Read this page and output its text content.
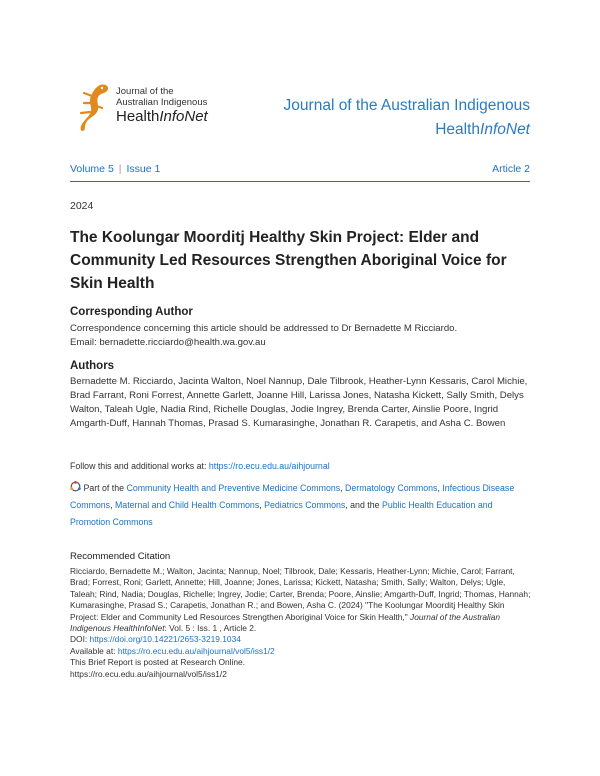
Journal of the
Australian Indigenous
HealthInfoNet
Journal of the Australian Indigenous
HealthInfoNet
Volume 5 | Issue 1	Article 2
2024
The Koolungar Moorditj Healthy Skin Project: Elder and Community Led Resources Strengthen Aboriginal Voice for Skin Health
Corresponding Author
Correspondence concerning this article should be addressed to Dr Bernadette M Ricciardo.
Email: bernadette.ricciardo@health.wa.gov.au
Authors
Bernadette M. Ricciardo, Jacinta Walton, Noel Nannup, Dale Tilbrook, Heather-Lynn Kessaris, Carol Michie, Brad Farrant, Roni Forrest, Annette Garlett, Joanne Hill, Larissa Jones, Natasha Kickett, Sally Smith, Delys Walton, Taleah Ugle, Nadia Rind, Richelle Douglas, Jodie Ingrey, Brenda Carter, Ainslie Poore, Ingrid Amgarth-Duff, Hannah Thomas, Prasad S. Kumarasinghe, Jonathan R. Carapetis, and Asha C. Bowen
Follow this and additional works at: https://ro.ecu.edu.au/aihjournal
Part of the Community Health and Preventive Medicine Commons, Dermatology Commons, Infectious Disease Commons, Maternal and Child Health Commons, Pediatrics Commons, and the Public Health Education and Promotion Commons
Recommended Citation
Ricciardo, Bernadette M.; Walton, Jacinta; Nannup, Noel; Tilbrook, Dale; Kessaris, Heather-Lynn; Michie, Carol; Farrant, Brad; Forrest, Roni; Garlett, Annette; Hill, Joanne; Jones, Larissa; Kickett, Natasha; Smith, Sally; Walton, Delys; Ugle, Taleah; Rind, Nadia; Douglas, Richelle; Ingrey, Jodie; Carter, Brenda; Poore, Ainslie; Amgarth-Duff, Ingrid; Thomas, Hannah; Kumarasinghe, Prasad S.; Carapetis, Jonathan R.; and Bowen, Asha C. (2024) "The Koolungar Moorditj Healthy Skin Project: Elder and Community Led Resources Strengthen Aboriginal Voice for Skin Health," Journal of the Australian Indigenous HealthInfoNet: Vol. 5 : Iss. 1 , Article 2.
DOI: https://doi.org/10.14221/2653-3219.1034
Available at: https://ro.ecu.edu.au/aihjournal/vol5/iss1/2
This Brief Report is posted at Research Online.
https://ro.ecu.edu.au/aihjournal/vol5/iss1/2
